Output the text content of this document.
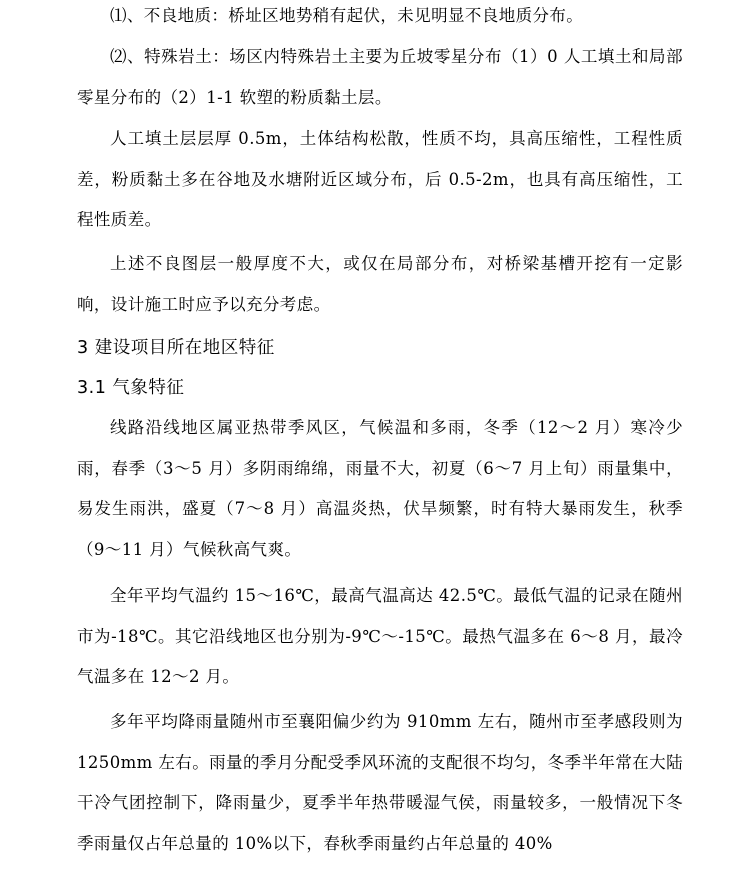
⑴、不良地质：桥址区地势稍有起伏，未见明显不良地质分布。

⑵、特殊岩土：场区内特殊岩土主要为丘坡零星分布（1）0 人工填土和局部零星分布的（2）1-1 软塑的粉质黏土层。

人工填土层层厚 0.5m，土体结构松散，性质不均，具高压缩性，工程性质差，粉质黏土多在谷地及水塘附近区域分布，后 0.5-2m，也具有高压缩性，工程性质差。

上述不良图层一般厚度不大，或仅在局部分布，对桥梁基槽开挖有一定影响，设计施工时应予以充分考虑。

3 建设项目所在地区特征
3.1 气象特征

线路沿线地区属亚热带季风区，气候温和多雨，冬季（12～2 月）寒冷少雨，春季（3～5 月）多阴雨绵绵，雨量不大，初夏（6～7 月上旬）雨量集中，易发生雨洪，盛夏（7～8 月）高温炎热，伏旱频繁，时有特大暴雨发生，秋季（9～11 月）气候秋高气爽。

全年平均气温约 15～16℃，最高气温高达 42.5℃。最低气温的记录在随州市为-18℃。其它沿线地区也分别为-9℃～-15℃。最热气温多在 6～8 月，最冷气温多在 12～2 月。

多年平均降雨量随州市至襄阳偏少约为 910mm 左右，随州市至孝感段则为 1250mm 左右。雨量的季月分配受季风环流的支配很不均匀，冬季半年常在大陆干冷气团控制下，降雨量少，夏季半年热带暖湿气侯，雨量较多，一般情况下冬季雨量仅占年总量的 10%以下，春秋季雨量约占年总量的 40%
